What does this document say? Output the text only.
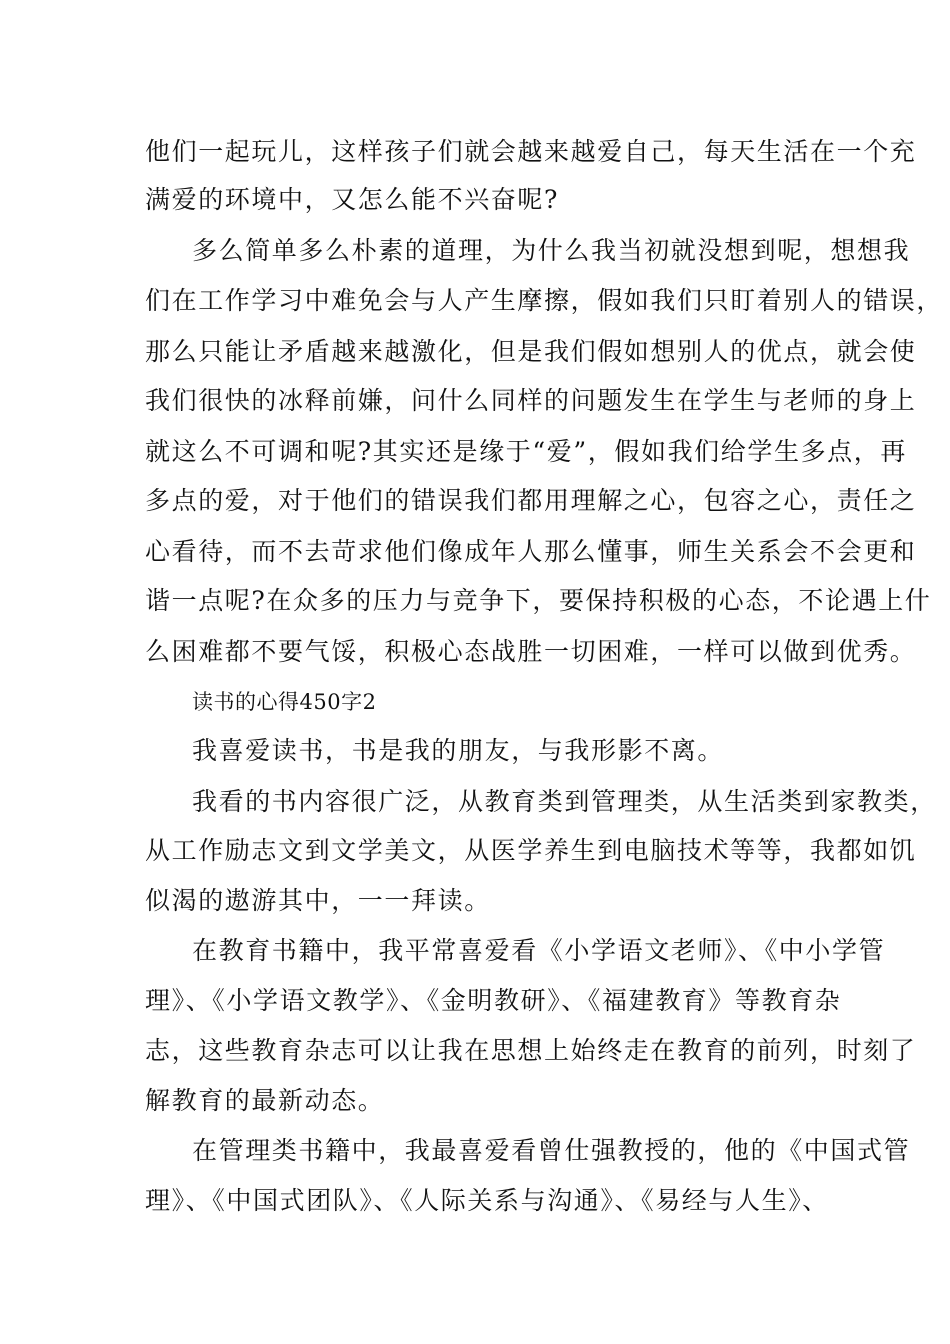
他们一起玩儿，这样孩子们就会越来越爱自己，每天生活在一个充
满爱的环境中，又怎么能不兴奋呢?
多么简单多么朴素的道理，为什么我当初就没想到呢，想想我
们在工作学习中难免会与人产生摩擦，假如我们只盯着别人的错误，
那么只能让矛盾越来越激化，但是我们假如想别人的优点，就会使
我们很快的冰释前嫌，问什么同样的问题发生在学生与老师的身上
就这么不可调和呢?其实还是缘于“爱”，假如我们给学生多点，再
多点的爱，对于他们的错误我们都用理解之心，包容之心，责任之
心看待，而不去苛求他们像成年人那么懂事，师生关系会不会更和
谐一点呢?在众多的压力与竞争下，要保持积极的心态，不论遇上什
么困难都不要气馁，积极心态战胜一切困难，一样可以做到优秀。
读书的心得450字2
我喜爱读书，书是我的朋友，与我形影不离。
我看的书内容很广泛，从教育类到管理类，从生活类到家教类，
从工作励志文到文学美文，从医学养生到电脑技术等等，我都如饥
似渴的遨游其中，一一拜读。
在教育书籍中，我平常喜爱看《小学语文老师》、《中小学管
理》、《小学语文教学》、《金明教研》、《福建教育》等教育杂
志，这些教育杂志可以让我在思想上始终走在教育的前列，时刻了
解教育的最新动态。
在管理类书籍中，我最喜爱看曾仕强教授的，他的《中国式管
理》、《中国式团队》、《人际关系与沟通》、《易经与人生》、
